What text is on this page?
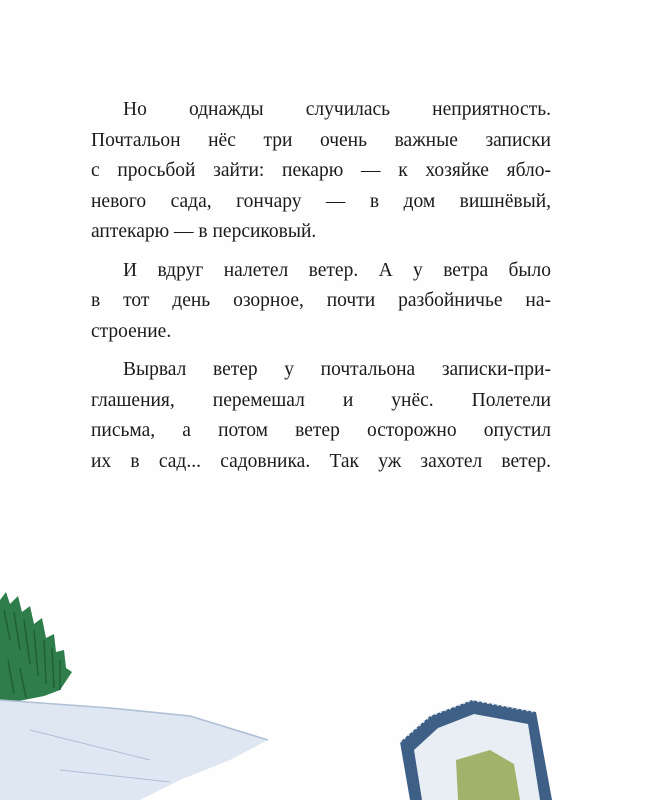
Но однажды случилась неприятность.
Почтальон нёс три очень важные записки
с просьбой зайти: пекарю — к хозяйке ябло-
невого сада, гончару — в дом вишнёвый,
аптекарю — в персиковый.
И вдруг налетел ветер. А у ветра было
в тот день озорное, почти разбойничье на-
строение.
Вырвал ветер у почтальона записки-при-
глашения, перемешал и унёс. Полетели
письма, а потом ветер осторожно опустил
их в сад... садовника. Так уж захотел ветер.
